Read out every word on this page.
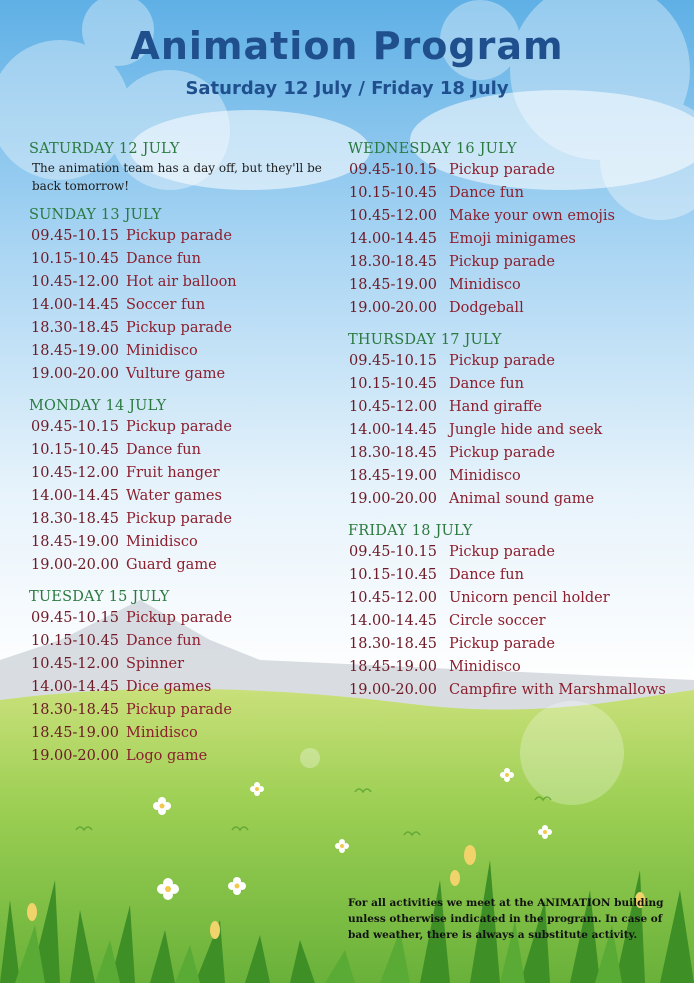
Animation Program
Saturday 12 July / Friday 18 July
SATURDAY 12 JULY
The animation team has a day off, but they'll be back tomorrow!
SUNDAY 13 JULY
09.45-10.15 Pickup parade
10.15-10.45 Dance fun
10.45-12.00 Hot air balloon
14.00-14.45 Soccer fun
18.30-18.45 Pickup parade
18.45-19.00 Minidisco
19.00-20.00 Vulture game
MONDAY 14 JULY
09.45-10.15 Pickup parade
10.15-10.45 Dance fun
10.45-12.00 Fruit hanger
14.00-14.45 Water games
18.30-18.45 Pickup parade
18.45-19.00 Minidisco
19.00-20.00 Guard game
TUESDAY 15 JULY
09.45-10.15 Pickup parade
10.15-10.45 Dance fun
10.45-12.00 Spinner
14.00-14.45 Dice games
18.30-18.45 Pickup parade
18.45-19.00 Minidisco
19.00-20.00 Logo game
WEDNESDAY 16 JULY
09.45-10.15 Pickup parade
10.15-10.45 Dance fun
10.45-12.00 Make your own emojis
14.00-14.45 Emoji minigames
18.30-18.45 Pickup parade
18.45-19.00 Minidisco
19.00-20.00 Dodgeball
THURSDAY 17 JULY
09.45-10.15 Pickup parade
10.15-10.45 Dance fun
10.45-12.00 Hand giraffe
14.00-14.45 Jungle hide and seek
18.30-18.45 Pickup parade
18.45-19.00 Minidisco
19.00-20.00 Animal sound game
FRIDAY 18 JULY
09.45-10.15 Pickup parade
10.15-10.45 Dance fun
10.45-12.00 Unicorn pencil holder
14.00-14.45 Circle soccer
18.30-18.45 Pickup parade
18.45-19.00 Minidisco
19.00-20.00 Campfire with Marshmallows
For all activities we meet at the ANIMATION building unless otherwise indicated in the program. In case of bad weather, there is always a substitute activity.
